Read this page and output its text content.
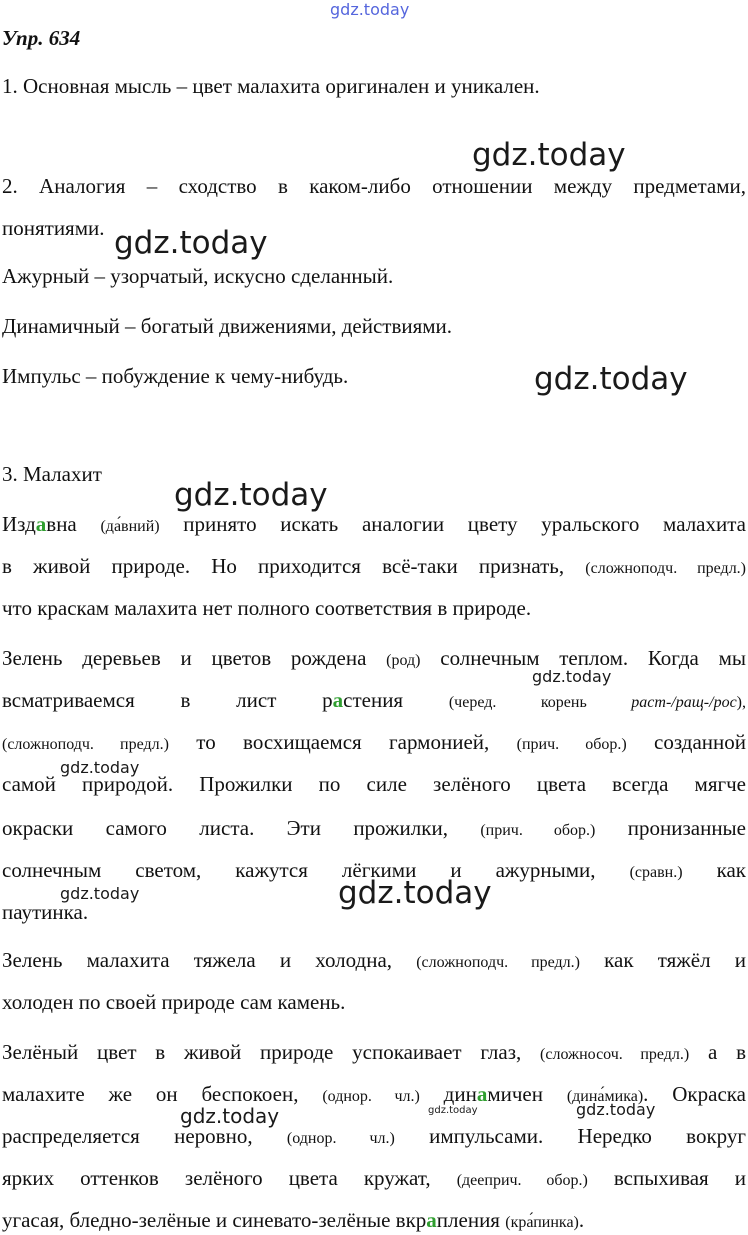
gdz.today
gdz.today
gdz.today
gdz.today
gdz.today
gdz.today
gdz.today
gdz.today	gdz.today
gdz.today
gdz.today	gdz.today
Упр. 634
1. Основная мысль – цвет малахита оригинален и уникален.
2. Аналогия – сходство в каком-либо отношении между предметами,
понятиями.
Ажурный – узорчатый, искусно сделанный.
Динамичный – богатый движениями, действиями.
Импульс – побуждение к чему-нибудь.
3. Малахит
Издавна (да́вний) принято искать аналогии цвету уральского малахита
в живой природе. Но приходится всё-таки признать, (сложноподч. предл.)
что краскам малахита нет полного соответствия в природе.
Зелень деревьев и цветов рождена (род) солнечным теплом. Когда мы
всматриваемся в лист растения (черед. корень раст-/ращ-/рос),
(сложноподч. предл.) то восхищаемся гармонией, (прич. обор.) созданной
самой природой. Прожилки по силе зелёного цвета всегда мягче
окраски самого листа. Эти прожилки, (прич. обор.) пронизанные
солнечным светом, кажутся лёгкими и ажурными, (сравн.) как
паутинка.
Зелень малахита тяжела и холодна, (сложноподч. предл.) как тяжёл и
холоден по своей природе сам камень.
Зелёный цвет в живой природе успокаивает глаз, (сложносоч. предл.) а в
малахите же он беспокоен, (однор. чл.) динамичен (дина́мика). Окраска
распределяется неровно, (однор. чл.) импульсами. Нередко вокруг
ярких оттенков зелёного цвета кружат, (дееприч. обор.) вспыхивая и
угасая, бледно-зелёные и синевато-зелёные вкрапления (кра́пинка).
